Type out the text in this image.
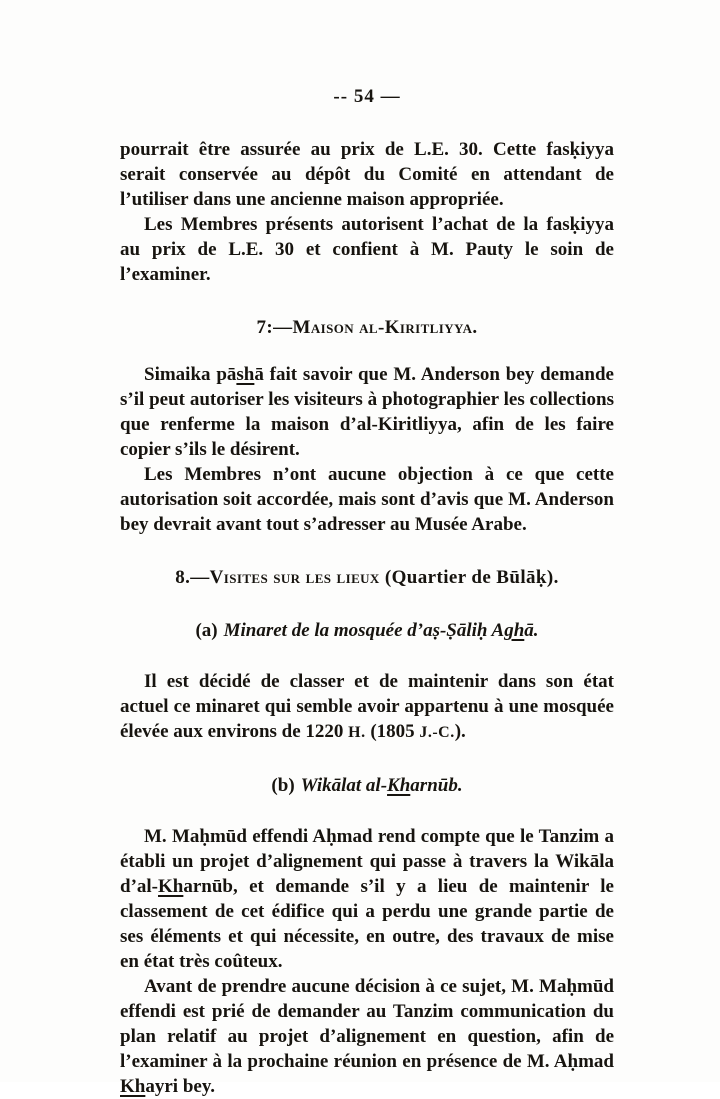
-- 54 —

pourrait être assurée au prix de L.E. 30. Cette fasḳiyya serait conservée au dépôt du Comité en attendant de l’utiliser dans une ancienne maison appropriée.

Les Membres présents autorisent l’achat de la fasḳiyya au prix de L.E. 30 et confient à M. Pauty le soin de l’examiner.

7:—Maison al-Kiritliyya.

Simaika pāshā fait savoir que M. Anderson bey demande s’il peut autoriser les visiteurs à photographier les collections que renferme la maison d’al-Kiritliyya, afin de les faire copier s’ils le désirent.

Les Membres n’ont aucune objection à ce que cette autorisation soit accordée, mais sont d’avis que M. Anderson bey devrait avant tout s’adresser au Musée Arabe.

8.—Visites sur les lieux (Quartier de Būlāḳ).
(a) Minaret de la mosquée d’aṣ-Ṣāliḥ Aghā.

Il est décidé de classer et de maintenir dans son état actuel ce minaret qui semble avoir appartenu à une mosquée élevée aux environs de 1220 H. (1805 J.-C.).

(b) Wikālat al-Kharnūb.

M. Maḥmūd effendi Aḥmad rend compte que le Tanzim a établi un projet d’alignement qui passe à travers la Wikāla d’al-Kharnūb, et demande s’il y a lieu de maintenir le classement de cet édifice qui a perdu une grande partie de ses éléments et qui nécessite, en outre, des travaux de mise en état très coûteux.

Avant de prendre aucune décision à ce sujet, M. Maḥmūd effendi est prié de demander au Tanzim communication du plan relatif au projet d’alignement en question, afin de l’examiner à la prochaine réunion en présence de M. Aḥmad Khayri bey.
